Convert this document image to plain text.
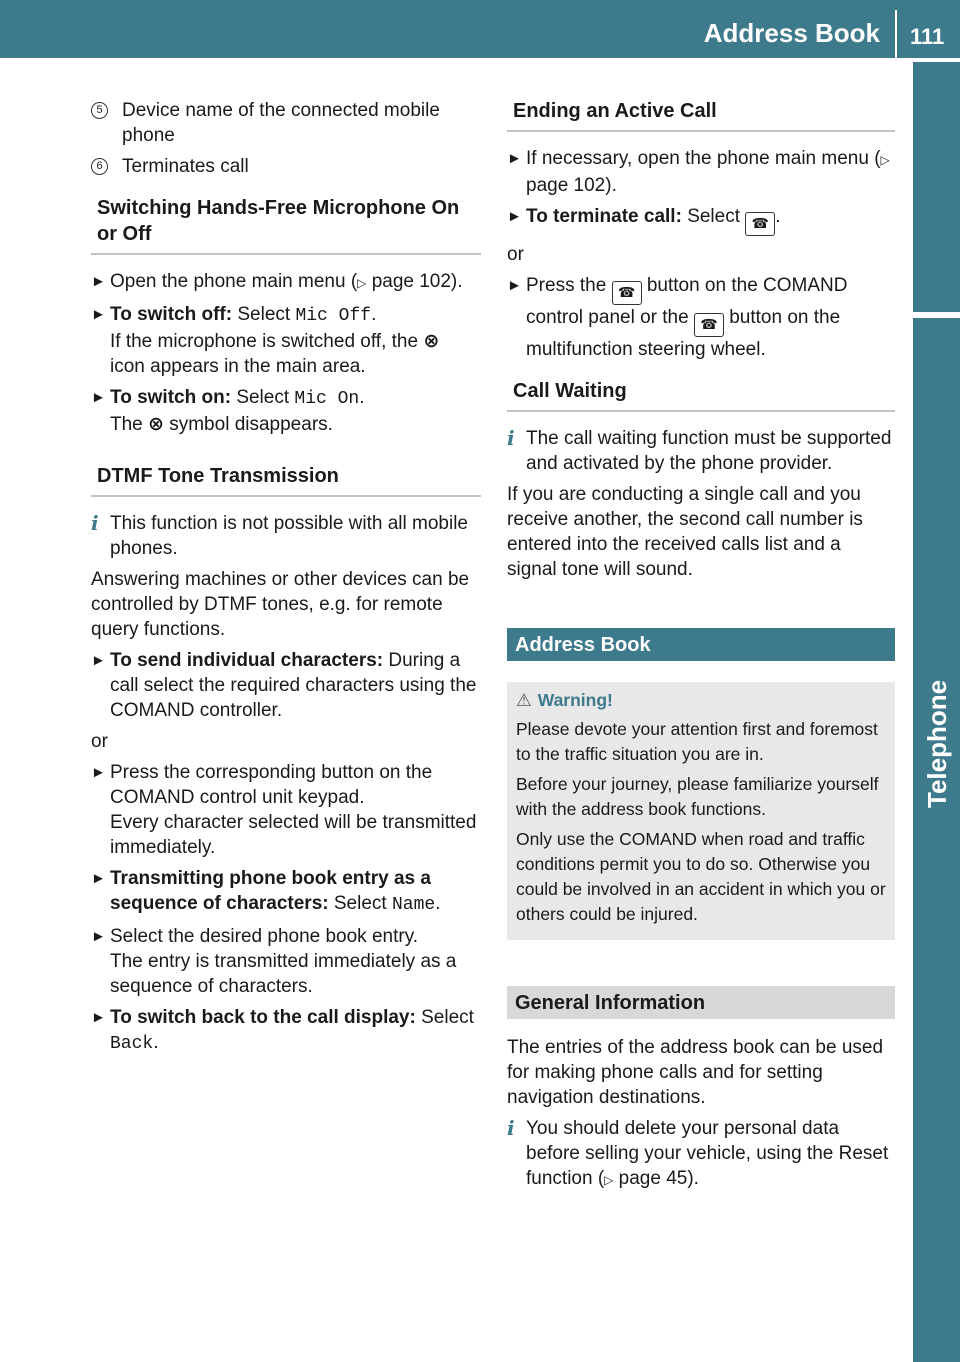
Address Book 111
Telephone
5 Device name of the connected mobile phone
6 Terminates call
Switching Hands-Free Microphone On or Off
► Open the phone main menu (▷ page 102).
► To switch off: Select Mic Off.
If the microphone is switched off, the ⊗
icon appears in the main area.
► To switch on: Select Mic On.
The ⊗ symbol disappears.
DTMF Tone Transmission
i This function is not possible with all mobile phones.

Answering machines or other devices can be controlled by DTMF tones, e.g. for remote query functions.

► To send individual characters: During a call select the required characters using the COMAND controller.
or
► Press the corresponding button on the COMAND control unit keypad.
Every character selected will be transmitted immediately.
► Transmitting phone book entry as a sequence of characters: Select Name.
► Select the desired phone book entry.
The entry is transmitted immediately as a sequence of characters.
► To switch back to the call display: Select
Back.
Ending an Active Call
► If necessary, open the phone main menu (▷ page 102).
► To terminate call: Select ☎ .
or
► Press the ☎ button on the COMAND control panel or the ☎ button on the multifunction steering wheel.
Call Waiting
i The call waiting function must be supported and activated by the phone provider.

If you are conducting a single call and you receive another, the second call number is entered into the received calls list and a signal tone will sound.

Address Book
⚠ Warning!

Please devote your attention first and foremost to the traffic situation you are in.

Before your journey, please familiarize yourself with the address book functions.

Only use the COMAND when road and traffic conditions permit you to do so. Otherwise you could be involved in an accident in which you or others could be injured.

General Information

The entries of the address book can be used for making phone calls and for setting navigation destinations.

i You should delete your personal data before selling your vehicle, using the Reset function (▷ page 45).
